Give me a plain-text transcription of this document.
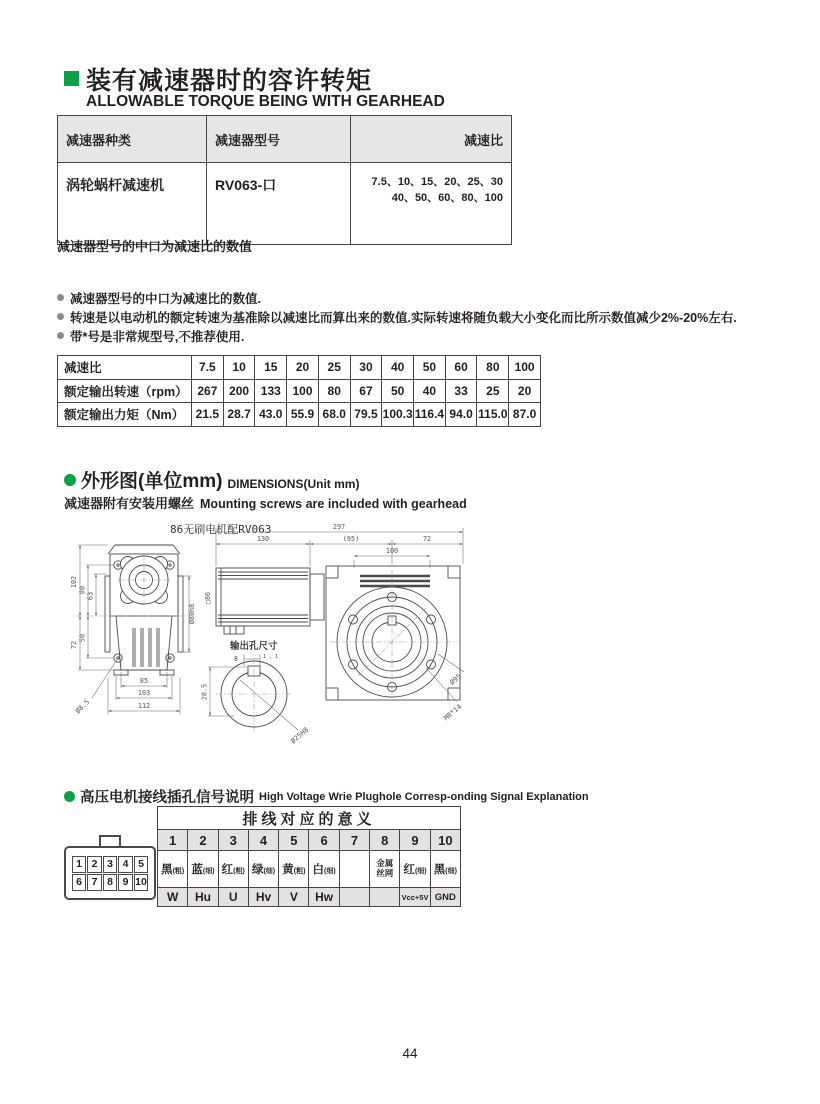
装有减速器时的容许转矩
ALLOWABLE TORQUE BEING WITH GEARHEAD
减速器种类	减速器型号	减速比
涡轮蜗杆减速机	RV063-口	7.5、10、15、20、25、30
40、50、60、80、100
减速器型号的中口为减速比的数值
减速器型号的中口为减速比的数值.
转速是以电动机的额定转速为基准除以减速比而算出来的数值.实际转速将随负载大小变化而比所示数值减少2%-20%左右.
带*号是非常规型号,不推荐使用.
减速比	7.5	10	15	20	25	30	40	50	60	80	100
额定输出转速（rpm）	267	200	133	100	80	67	50	40	33	25	20
额定输出力矩（Nm）	21.5	28.7	43.0	55.9	68.0	79.5	100.3	116.4	94.0	115.0	87.0
外形图(单位mm) DIMENSIONS(Unit mm)
减速器附有安装用螺丝 Mounting screws are included with gearhead
86无刷电机配RV063
102
72
80
50
63
Ø8.5
85
103
112
Ø80h8
□86
297
130	(95)	72
100
Ø95
M8*14
输出孔尺寸
8	1 , 1
28.5
Ø25H8
高压电机接线插孔信号说明 High Voltage Wrie Plughole Corresp-onding Signal Explanation
1 2 3 4 5
6 7 8 9 10
排线对应的意义									
1	2	3	4	5	6	7	8	9	10
黑(粗)	蓝(细)	红(粗)	绿(细)	黄(粗)	白(细)		金属
丝网	红(细)	黑(细)
W	Hu	U	Hv	V	Hw			Vcc+5V	GND
44
